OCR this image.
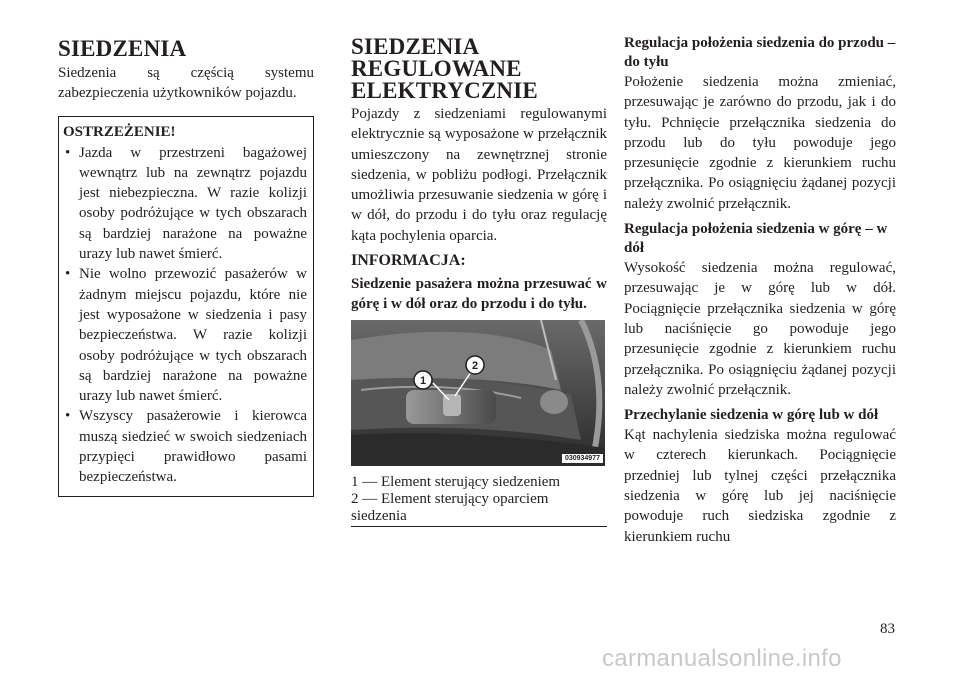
SIEDZENIA

Siedzenia są częścią systemu zabezpieczenia użytkowników pojazdu.

OSTRZEŻENIE!
• Jazda w przestrzeni bagażowej wewnątrz lub na zewnątrz pojazdu jest niebezpieczna. W razie kolizji osoby podróżujące w tych obszarach są bardziej narażone na poważne urazy lub nawet śmierć.
• Nie wolno przewozić pasażerów w żadnym miejscu pojazdu, które nie jest wyposażone w siedzenia i pasy bezpieczeństwa. W razie kolizji osoby podróżujące w tych obszarach są bardziej narażone na poważne urazy lub nawet śmierć.
• Wszyscy pasażerowie i kierowca muszą siedzieć w swoich siedzeniach przypięci prawidłowo pasami bezpieczeństwa.
SIEDZENIA
REGULOWANE
ELEKTRYCZNIE

Pojazdy z siedzeniami regulowanymi elektrycznie są wyposażone w przełącznik umieszczony na zewnętrznej stronie siedzenia, w pobliżu podłogi. Przełącznik umożliwia przesuwanie siedzenia w górę i w dół, do przodu i do tyłu oraz regulację kąta pochylenia oparcia.

INFORMACJA:

Siedzenie pasażera można przesuwać w górę i w dół oraz do przodu i do tyłu.

1
2
030934977
1 — Element sterujący siedzeniem
2 — Element sterujący oparciem siedzenia
Regulacja położenia siedzenia do przodu – do tyłu

Położenie siedzenia można zmieniać, przesuwając je zarówno do przodu, jak i do tyłu. Pchnięcie przełącznika siedzenia do przodu lub do tyłu powoduje jego przesunięcie zgodnie z kierunkiem ruchu przełącznika. Po osiągnięciu żądanej pozycji należy zwolnić przełącznik.

Regulacja położenia siedzenia w górę – w dół

Wysokość siedzenia można regulować, przesuwając je w górę lub w dół. Pociągnięcie przełącznika siedzenia w górę lub naciśnięcie go powoduje jego przesunięcie zgodnie z kierunkiem ruchu przełącznika. Po osiągnięciu żądanej pozycji należy zwolnić przełącznik.

Przechylanie siedzenia w górę lub w dół

Kąt nachylenia siedziska można regulować w czterech kierunkach. Pociągnięcie przedniej lub tylnej części przełącznika siedzenia w górę lub jej naciśnięcie powoduje ruch siedziska zgodnie z kierunkiem ruchu

83
carmanualsonline.info
